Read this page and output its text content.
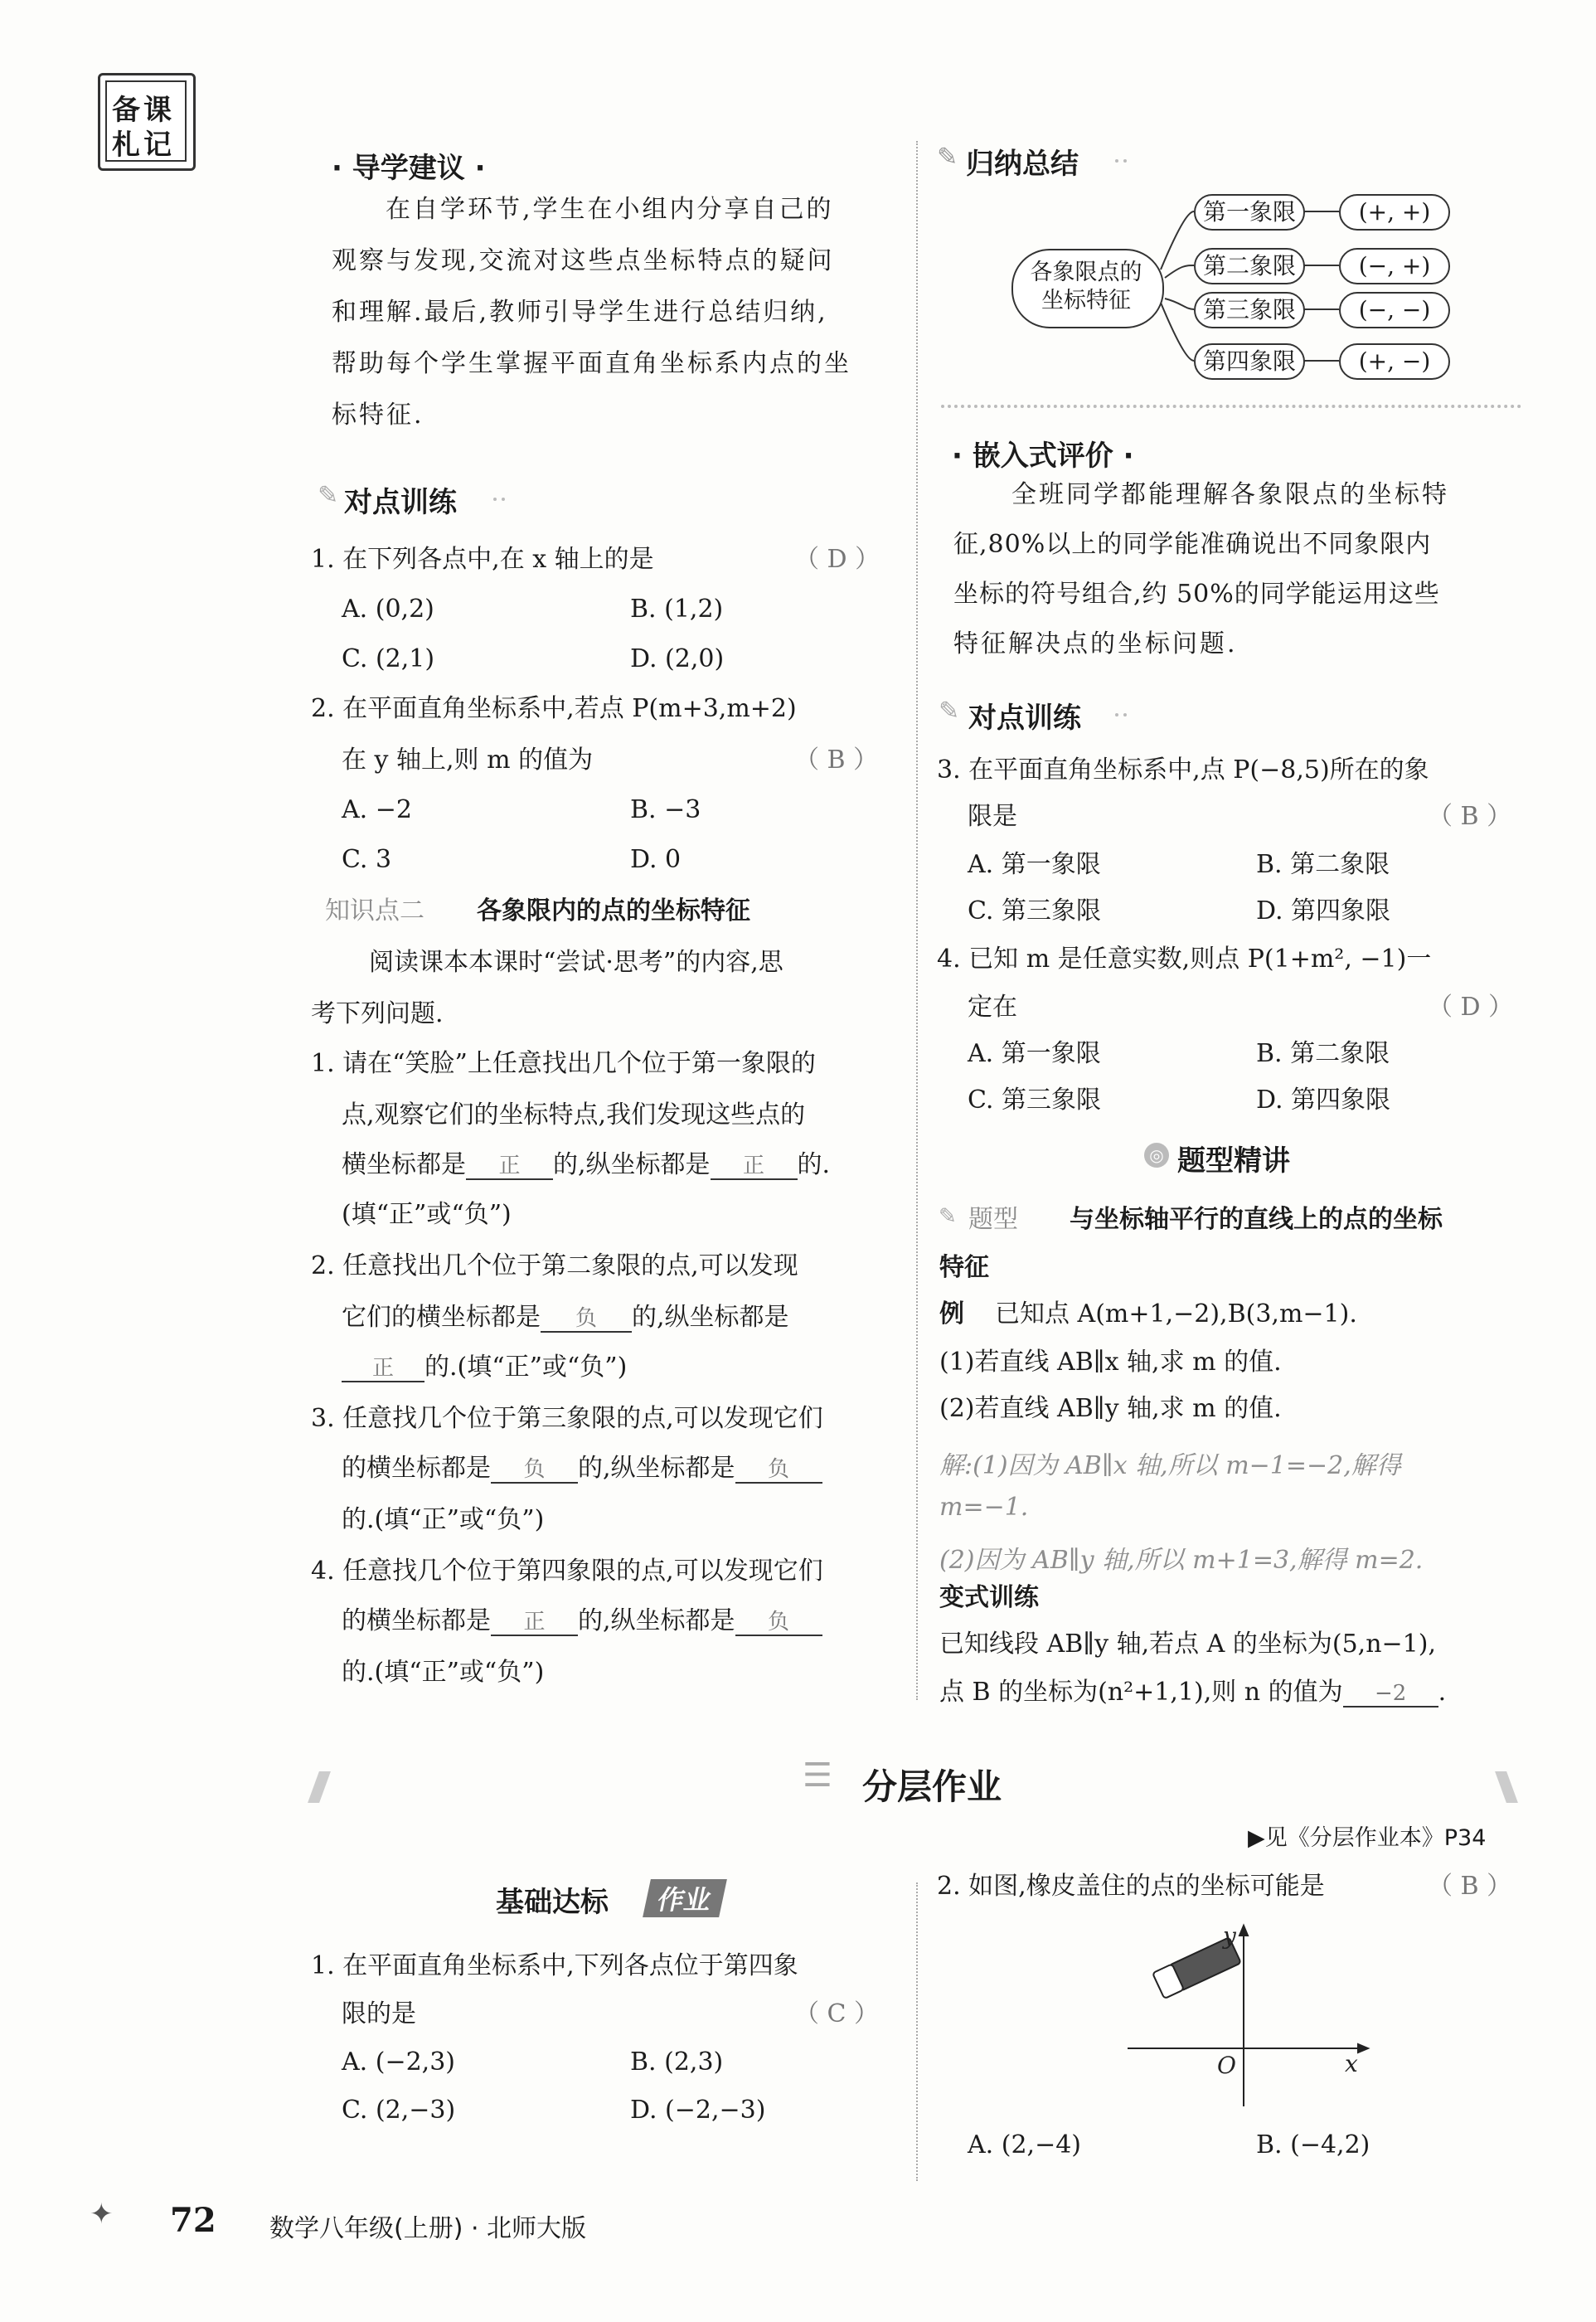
备课
札记
· 导学建议 ·
在自学环节,学生在小组内分享自己的
观察与发现,交流对这些点坐标特点的疑问
和理解.最后,教师引导学生进行总结归纳,
帮助每个学生掌握平面直角坐标系内点的坐
标特征.
✎ 对点训练
1. 在下列各点中,在 x 轴上的是	（ D ）
A. (0,2)	B. (1,2)
C. (2,1)	D. (2,0)
2. 在平面直角坐标系中,若点 P(m+3,m+2)
在 y 轴上,则 m 的值为	（ B ）
A. −2	B. −3
C. 3	D. 0
知识点二 各象限内的点的坐标特征
阅读课本本课时“尝试·思考”的内容,思
考下列问题.
1. 请在“笑脸”上任意找出几个位于第一象限的
点,观察它们的坐标特点,我们发现这些点的
横坐标都是 正 的,纵坐标都是 正 的.
(填“正”或“负”)
2. 任意找出几个位于第二象限的点,可以发现
它们的横坐标都是 负 的,纵坐标都是
正 的.(填“正”或“负”)
3. 任意找几个位于第三象限的点,可以发现它们
的横坐标都是 负 的,纵坐标都是 负
的.(填“正”或“负”)
4. 任意找几个位于第四象限的点,可以发现它们
的横坐标都是 正 的,纵坐标都是 负
的.(填“正”或“负”)
✎ 归纳总结
各象限点的
坐标特征
第一象限	(+, +)
第二象限	(−, +)
第三象限	(−, −)
第四象限	(+, −)
· 嵌入式评价 ·
全班同学都能理解各象限点的坐标特
征,80%以上的同学能准确说出不同象限内
坐标的符号组合,约 50%的同学能运用这些
特征解决点的坐标问题.
✎ 对点训练
3. 在平面直角坐标系中,点 P(−8,5)所在的象
限是	（ B ）
A. 第一象限	B. 第二象限
C. 第三象限	D. 第四象限
4. 已知 m 是任意实数,则点 P(1+m², −1)一
定在	（ D ）
A. 第一象限	B. 第二象限
C. 第三象限	D. 第四象限
◎ 题型精讲
✎ 题型 与坐标轴平行的直线上的点的坐标
特征
例 已知点 A(m+1,−2),B(3,m−1).
(1)若直线 AB∥x 轴,求 m 的值.
(2)若直线 AB∥y 轴,求 m 的值.
解:(1)因为 AB∥x 轴,所以 m−1=−2,解得
m=−1.
(2)因为 AB∥y 轴,所以 m+1=3,解得 m=2.
变式训练
已知线段 AB∥y 轴,若点 A 的坐标为(5,n−1),
点 B 的坐标为(n²+1,1),则 n 的值为 −2 .
☰ 分层作业
▶见《分层作业本》P34
基础达标	作业
1. 在平面直角坐标系中,下列各点位于第四象
限的是	（ C ）
A. (−2,3)	B. (2,3)
C. (2,−3)	D. (−2,−3)
2. 如图,橡皮盖住的点的坐标可能是	（ B ）
y
x
O
A. (2,−4)	B. (−4,2)
✦ 72 数学八年级(上册) · 北师大版
